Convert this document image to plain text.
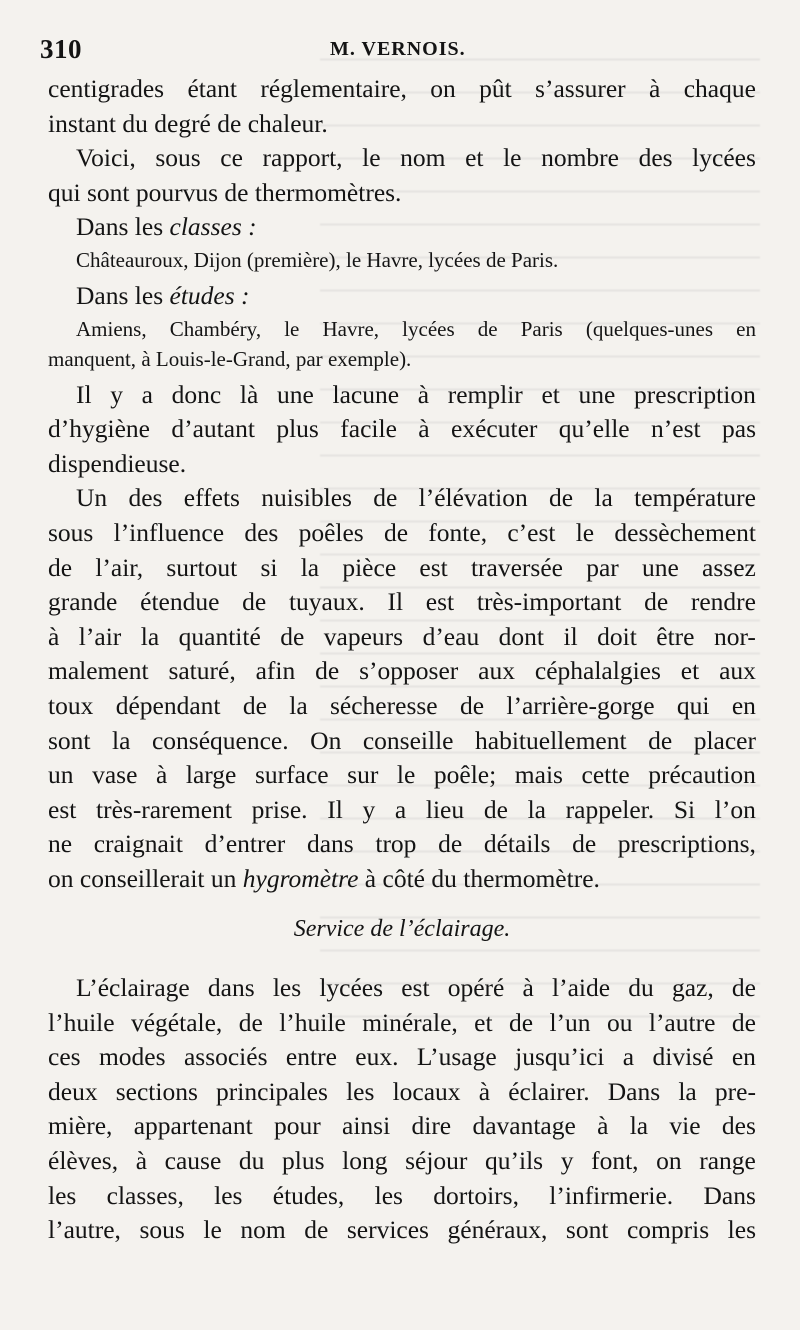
310	M. VERNOIS.
centigrades étant réglementaire, on pût s’assurer à chaque
instant
du
degré
de
chaleur.
Voici, sous ce rapport, le nom et le nombre des lycées
qui
sont
pourvus
de
thermomètres.
Dans
les
classes
:
Châteauroux,
Dijon
(première),
le
Havre,
lycées
de
Paris.
Dans
les
études
:
Amiens, Chambéry, le Havre, lycées de Paris (quelques-unes en
manquent,
à
Louis-le-Grand,
par
exemple).
Il y a donc là une lacune à remplir et une prescription
d’hygiène d’autant plus facile à exécuter qu’elle n’est pas
dispendieuse.
Un des effets nuisibles de l’élévation de la température
sous l’influence des poêles de fonte, c’est le dessèchement
de l’air, surtout si la pièce est traversée par une assez
grande étendue de tuyaux. Il est très-important de rendre
à l’air la quantité de vapeurs d’eau dont il doit être nor-
malement saturé, afin de s’opposer aux céphalalgies et aux
toux dépendant de la sécheresse de l’arrière-gorge qui en
sont la conséquence. On conseille habituellement de placer
un vase à large surface sur le poêle; mais cette précaution
est très-rarement prise. Il y a lieu de la rappeler. Si l’on
ne craignait d’entrer dans trop de détails de prescriptions,
on
conseillerait
un
hygromètre
à
côté
du
thermomètre.
Service de l’éclairage.
L’éclairage dans les lycées est opéré à l’aide du gaz, de
l’huile végétale, de l’huile minérale, et de l’un ou l’autre de
ces modes associés entre eux. L’usage jusqu’ici a divisé en
deux sections principales les locaux à éclairer. Dans la pre-
mière, appartenant pour ainsi dire davantage à la vie des
élèves, à cause du plus long séjour qu’ils y font, on range
les classes, les études, les dortoirs, l’infirmerie. Dans
l’autre, sous le nom de services généraux, sont compris les
